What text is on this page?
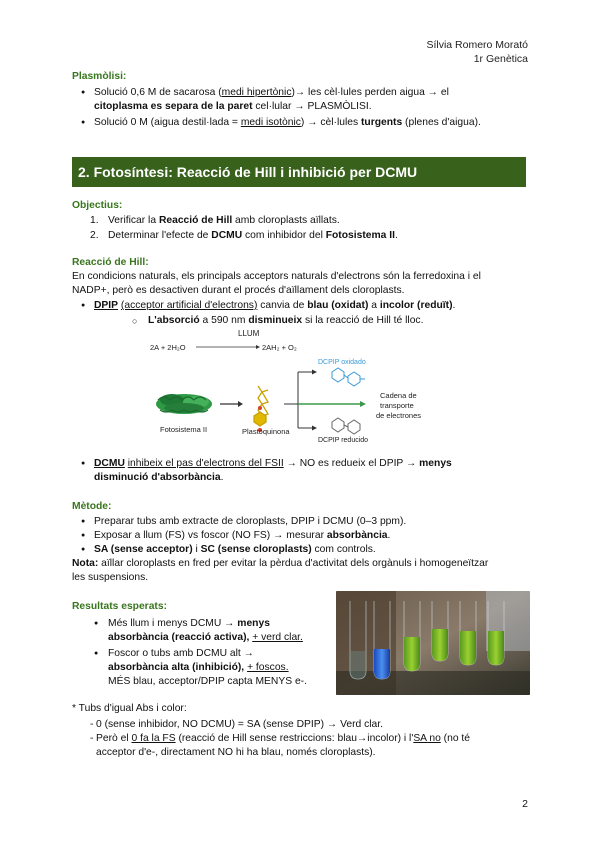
Sílvia Romero Morató
1r Genètica

Plasmòlisi:

● Solució 0,6 M de sacarosa (medi hipertònic)→ les cèl·lules perden aigua → el
citoplasma es separa de la paret cel·lular → PLASMÒLISI.
● Solució 0 M (aigua destil·lada = medi isotònic) → cèl·lules turgents (plenes d'aigua).
2. Fotosíntesi: Reacció de Hill i inhibició per DCMU

Objectius:

1. Verificar la Reacció de Hill amb cloroplasts aïllats.
2. Determinar l'efecte de DCMU com inhibidor del Fotosistema II.

Reacció de Hill:

En condicions naturals, els principals acceptors naturals d'electrons són la ferredoxina i el

NADP+, però es desactiven durant el procés d'aïllament dels cloroplasts.

● DPIP (acceptor artificial d'electrons) canvia de blau (oxidat) a incolor (reduït).
○ L'absorció a 590 nm disminueix si la reacció de Hill té lloc.
LLUM
2A + 2H₂O	2AH₂ + O₂
Fotosistema II	Plastoquinona
DCPIP oxidado
DCPIP reducido
Cadena de
transporte
de electrones
● DCMU inhibeix el pas d'electrons del FSII → NO es redueix el DPIP → menys
disminució d'absorbància.

Mètode:

● Preparar tubs amb extracte de cloroplasts, DPIP i DCMU (0–3 ppm).
● Exposar a llum (FS) vs foscor (NO FS) → mesurar absorbància.
● SA (sense acceptor) i SC (sense cloroplasts) com controls.

Nota: aïllar cloroplasts en fred per evitar la pèrdua d'activitat dels orgànuls i homogeneïtzar

les suspensions.

Resultats esperats:

● Més llum i menys DCMU → menys
absorbància (reacció activa), + verd clar.
● Foscor o tubs amb DCMU alt →
absorbància alta (inhibició), + foscos.
MÉS blau, acceptor/DPIP capta MENYS e-.

* Tubs d'igual Abs i color:

- 0 (sense inhibidor, NO DCMU) = SA (sense DPIP) → Verd clar.
- Però el 0 fa la FS (reacció de Hill sense restriccions: blau→incolor) i l'SA no (no té
acceptor d'e-, directament NO hi ha blau, només cloroplasts).
2
